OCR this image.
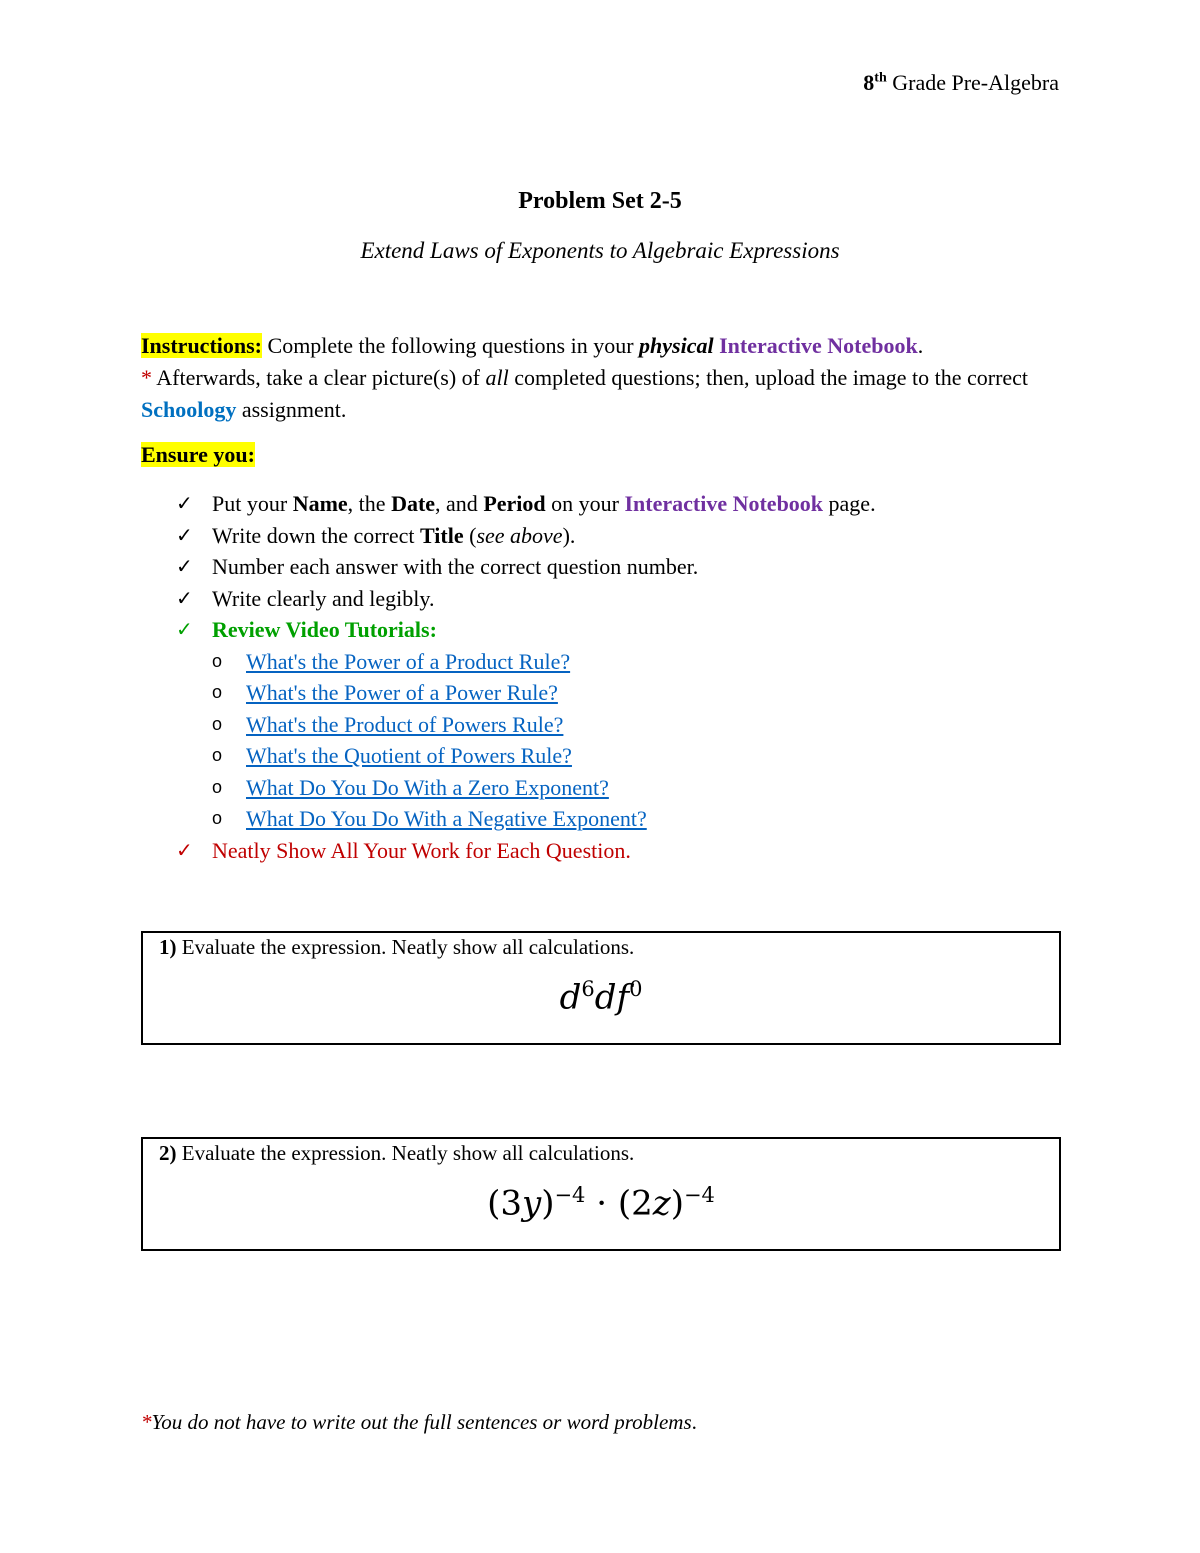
8th Grade Pre-Algebra
Problem Set 2-5
Extend Laws of Exponents to Algebraic Expressions
Instructions: Complete the following questions in your physical Interactive Notebook.
* Afterwards, take a clear picture(s) of all completed questions; then, upload the image to the correct Schoology assignment.
Ensure you:
✓ Put your Name, the Date, and Period on your Interactive Notebook page.
✓ Write down the correct Title (see above).
✓ Number each answer with the correct question number.
✓ Write clearly and legibly.
✓ Review Video Tutorials:
o What's the Power of a Product Rule?
o What's the Power of a Power Rule?
o What's the Product of Powers Rule?
o What's the Quotient of Powers Rule?
o What Do You Do With a Zero Exponent?
o What Do You Do With a Negative Exponent?
✓ Neatly Show All Your Work for Each Question.
1) Evaluate the expression. Neatly show all calculations.
$d^6df^0$
2) Evaluate the expression. Neatly show all calculations.
$(3y)^{-4} \cdot (2z)^{-4}$
*You do not have to write out the full sentences or word problems.
